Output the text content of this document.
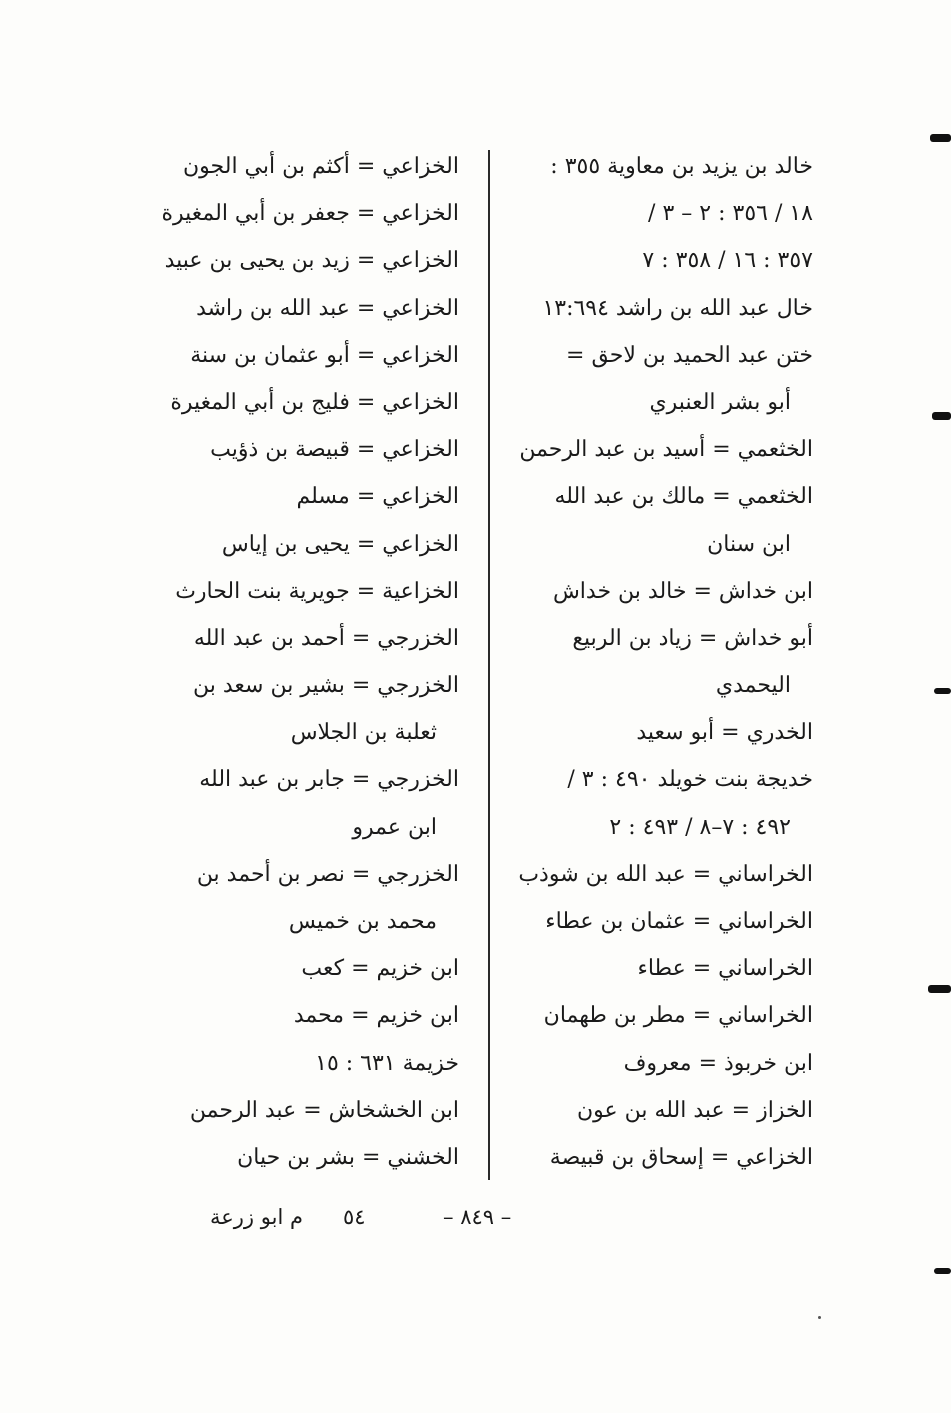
خالد بن يزيد بن معاوية ٣٥٥ :
١٨ / ٣٥٦ : ٢ – ٣ /
٣٥٧ : ١٦ / ٣٥٨ : ٧
خال عبد الله بن راشد ١٣:٦٩٤
ختن عبد الحميد بن لاحق =
أبو بشر العنبري
الخثعمي = أسيد بن عبد الرحمن
الخثعمي = مالك بن عبد الله
ابن سنان
ابن خداش = خالد بن خداش
أبو خداش = زياد بن الربيع
اليحمدي
الخدري = أبو سعيد
خديجة بنت خويلد ٤٩٠ : ٣ /
٤٩٢ : ٧–٨ / ٤٩٣ : ٢
الخراساني = عبد الله بن شوذب
الخراساني = عثمان بن عطاء
الخراساني = عطاء
الخراساني = مطر بن طهمان
ابن خربوذ = معروف
الخزاز = عبد الله بن عون
الخزاعي = إسحاق بن قبيصة
الخزاعي = أكثم بن أبي الجون
الخزاعي = جعفر بن أبي المغيرة
الخزاعي = زيد بن يحيى بن عبيد
الخزاعي = عبد الله بن راشد
الخزاعي = أبو عثمان بن سنة
الخزاعي = فليج بن أبي المغيرة
الخزاعي = قبيصة بن ذؤيب
الخزاعي = مسلم
الخزاعي = يحيى بن إياس
الخزاعية = جويرية بنت الحارث
الخزرجي = أحمد بن عبد الله
الخزرجي = بشير بن سعد بن
ثعلبة بن الجلاس
الخزرجي = جابر بن عبد الله
ابن عمرو
الخزرجي = نصر بن أحمد بن
محمد بن خميس
ابن خزيم = كعب
ابن خزيم = محمد
خزيمة ٦٣١ : ١٥
ابن الخشخاش = عبد الرحمن
الخشني = بشر بن حيان
– ٨٤٩ –
٥٤م ابو زرعة
